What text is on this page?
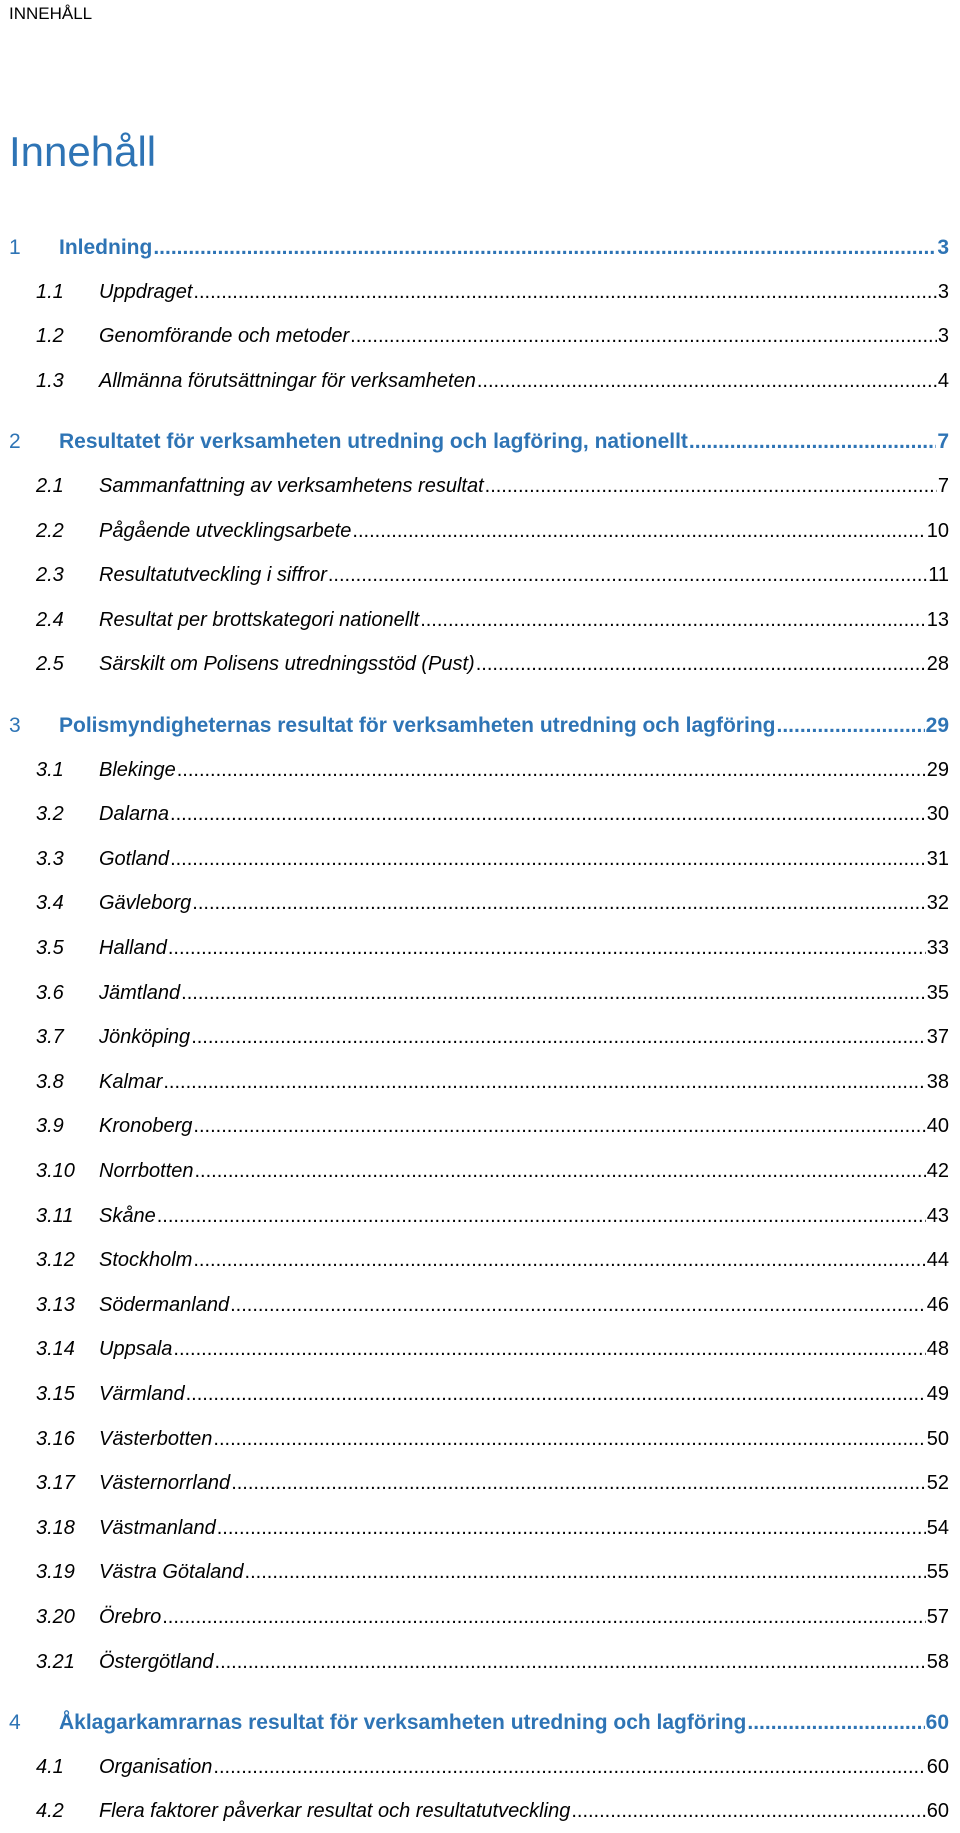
INNEHÅLL
Innehåll
1	Inledning .....	3
1.1	Uppdraget .....	3
1.2	Genomförande och metoder .....	3
1.3	Allmänna förutsättningar för verksamheten .....	4
2	Resultatet för verksamheten utredning och lagföring, nationellt .....	7
2.1	Sammanfattning av verksamhetens resultat .....	7
2.2	Pågående utvecklingsarbete .....	10
2.3	Resultatutveckling i siffror .....	11
2.4	Resultat per brottskategori nationellt .....	13
2.5	Särskilt om Polisens utredningsstöd (Pust) .....	28
3	Polismyndigheternas resultat för verksamheten utredning och lagföring .....	29
3.1	Blekinge .....	29
3.2	Dalarna .....	30
3.3	Gotland .....	31
3.4	Gävleborg .....	32
3.5	Halland .....	33
3.6	Jämtland .....	35
3.7	Jönköping .....	37
3.8	Kalmar .....	38
3.9	Kronoberg .....	40
3.10	Norrbotten .....	42
3.11	Skåne .....	43
3.12	Stockholm .....	44
3.13	Södermanland .....	46
3.14	Uppsala .....	48
3.15	Värmland .....	49
3.16	Västerbotten .....	50
3.17	Västernorrland .....	52
3.18	Västmanland .....	54
3.19	Västra Götaland .....	55
3.20	Örebro .....	57
3.21	Östergötland .....	58
4	Åklagarkamrarnas resultat för verksamheten utredning och lagföring .....	60
4.1	Organisation .....	60
4.2	Flera faktorer påverkar resultat och resultatutveckling .....	60
